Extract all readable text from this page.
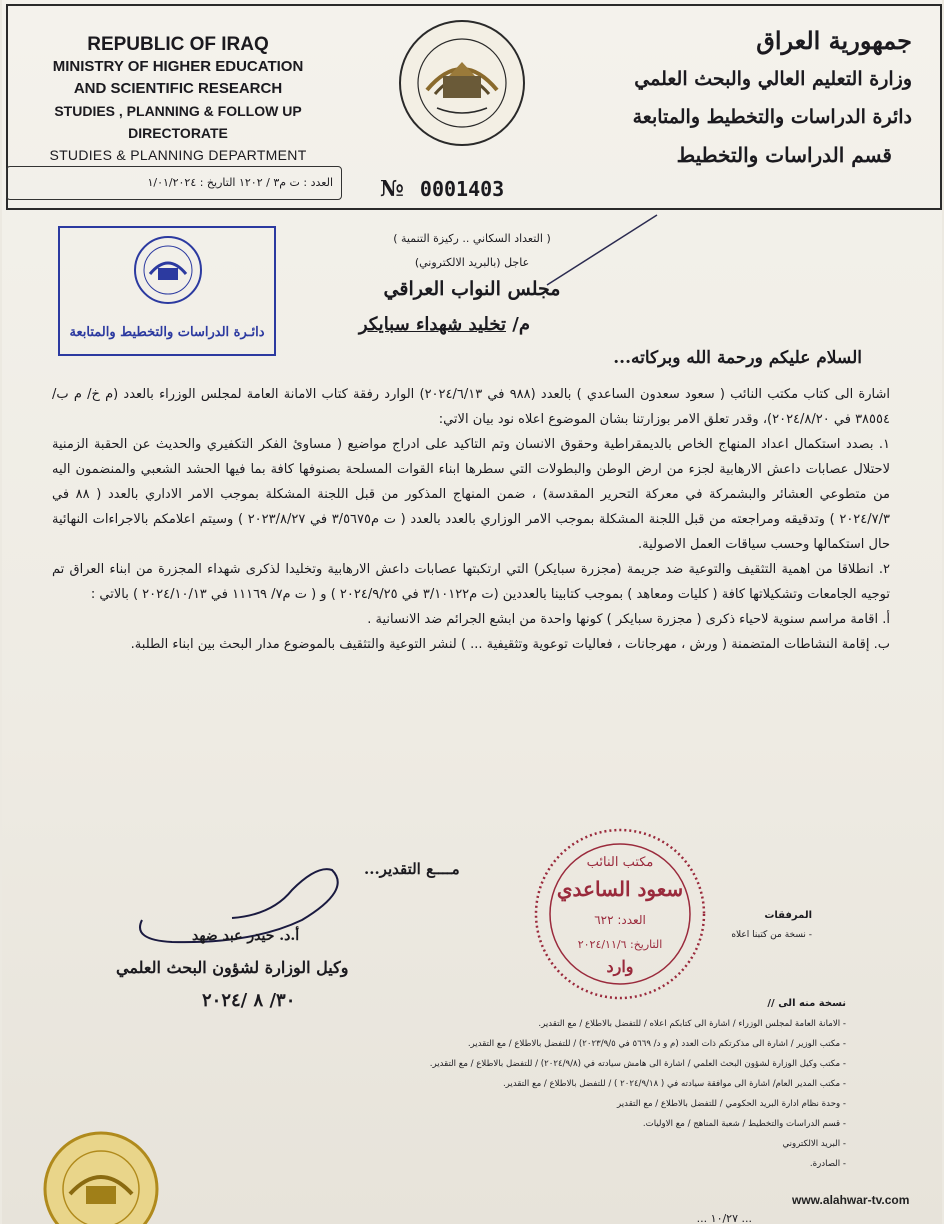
REPUBLIC OF IRAQ
MINISTRY OF HIGHER EDUCATION
AND SCIENTIFIC RESEARCH
STUDIES , PLANNING & FOLLOW UP DIRECTORATE
STUDIES & PLANNING DEPARTMENT
جمهورية العراق
وزارة التعليم العالي والبحث العلمي
دائرة الدراسات والتخطيط والمتابعة
قسم الدراسات والتخطيط
العدد : ت م٣ / ١٢٠٢ التاريخ : ١/٠١/٢٠٢٤	№ 0001403
دائـرة الدراسات والتخطيط والمتابعة
( التعداد السكاني .. ركيزة التنمية )
عاجل (بالبريد الالكتروني)
مجلس النواب العراقي
م/ تخليد شهداء سبايكر
السلام عليكم ورحمة الله وبركاته...

اشارة الى كتاب مكتب النائب ( سعود سعدون الساعدي ) بالعدد (٩٨٨ في ٢٠٢٤/٦/١٣) الوارد رفقة كتاب الامانة العامة لمجلس الوزراء بالعدد (م خ/ م ب/ ٣٨٥٥٤ في ٢٠٢٤/٨/٢٠)، وقدر تعلق الامر بوزارتنا بشان الموضوع اعلاه نود بيان الاتي:

١. بصدد استكمال اعداد المنهاج الخاص بالديمقراطية وحقوق الانسان وتم التاكيد على ادراج مواضيع ( مساوئ الفكر التكفيري والحديث عن الحقبة الزمنية لاحتلال عصابات داعش الارهابية لجزء من ارض الوطن والبطولات التي سطرها ابناء القوات المسلحة بصنوفها كافة بما فيها الحشد الشعبي والمنضمون اليه من متطوعي العشائر والبشمركة في معركة التحرير المقدسة) ، ضمن المنهاج المذكور من قبل اللجنة المشكلة بموجب الامر الاداري بالعدد ( ٨٨ في ٢٠٢٤/٧/٣ ) وتدقيقه ومراجعته من قبل اللجنة المشكلة بموجب الامر الوزاري بالعدد بالعدد ( ت م٣/٥٦٧٥ في ٢٠٢٣/٨/٢٧ ) وسيتم اعلامكم بالاجراءات النهائية حال استكمالها وحسب سياقات العمل الاصولية.

٢. انطلاقا من اهمية التثقيف والتوعية ضد جريمة (مجزرة سبايكر) التي ارتكبتها عصابات داعش الارهابية وتخليدا لذكرى شهداء المجزرة من ابناء العراق تم توجيه الجامعات وتشكيلاتها كافة ( كليات ومعاهد ) بموجب كتابينا بالعددين (ت م٣/١٠١٢٢ في ٢٠٢٤/٩/٢٥ ) و ( ت م٧/ ١١١٦٩ في ٢٠٢٤/١٠/١٣ ) بالاتي :

أ. اقامة مراسم سنوية لاحياء ذكرى ( مجزرة سبايكر ) كونها واحدة من ابشع الجرائم ضد الانسانية .

ب. إقامة النشاطات المتضمنة ( ورش ، مهرجانات ، فعاليات توعوية وتثقيفية ... ) لنشر التوعية والتثقيف بالموضوع مدار البحث بين ابناء الطلبة.

مــــع التقدير...
أ.د. حيدر عبد ضهد
وكيل الوزارة لشؤون البحث العلمي
٣٠/ ٨ /٢٠٢٤
مكتب النائب
سعود الساعدي
العدد: ٦٢٢
التاريخ: ٢٠٢٤/١١/٦
وارد
المرفقات
- نسخة من كتبنا اعلاه
نسخة منه الى //
- الامانة العامة لمجلس الوزراء / اشارة الى كتابكم اعلاه / للتفضل بالاطلاع / مع التقدير.
- مكتب الوزير / اشارة الى مذكرتكم ذات العدد (م و د/ ٥٦٦٩ في ٢٠٢٣/٩/٥) / للتفضل بالاطلاع / مع التقدير.
- مكتب وكيل الوزارة لشؤون البحث العلمي / اشارة الى هامش سيادته في (٢٠٢٤/٩/٨) / للتفضل بالاطلاع / مع التقدير.
- مكتب المدير العام/ اشارة الى موافقة سيادته في ( ٢٠٢٤/٩/١٨ ) / للتفضل بالاطلاع / مع التقدير.
- وحدة نظام ادارة البريد الحكومي / للتفضل بالاطلاع / مع التقدير
- قسم الدراسات والتخطيط / شعبة المناهج / مع الاوليات.
- البريد الالكتروني
- الصادرة.
www.alahwar-tv.com
... ١٠/٢٧ ...
